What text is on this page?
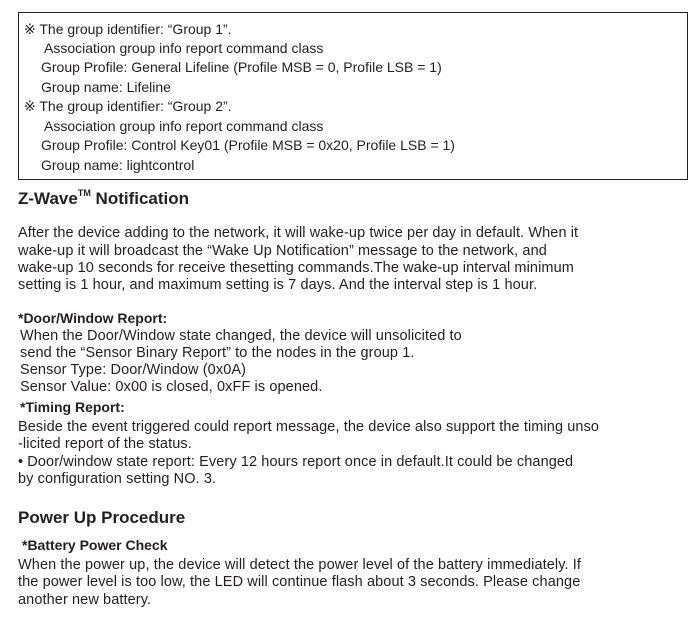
※ The group identifier: “Group 1”.
Association group info report command class
Group Profile: General Lifeline (Profile MSB = 0, Profile LSB = 1)
Group name: Lifeline
※ The group identifier: “Group 2”.
Association group info report command class
Group Profile: Control Key01 (Profile MSB = 0x20, Profile LSB = 1)
Group name: lightcontrol
Z-Wave™ Notification
After the device adding to the network, it will wake-up twice per day in default. When it
wake-up it will broadcast the “Wake Up Notification” message to the network, and
wake-up 10 seconds for receive thesetting commands.The wake-up interval minimum
setting is 1 hour, and maximum setting is 7 days. And the interval step is 1 hour.
*Door/Window Report:
When the Door/Window state changed, the device will unsolicited to
send the “Sensor Binary Report” to the nodes in the group 1.
Sensor Type: Door/Window (0x0A)
Sensor Value: 0x00 is closed, 0xFF is opened.
*Timing Report:
Beside the event triggered could report message, the device also support the timing unso
-licited report of the status.
• Door/window state report: Every 12 hours report once in default.It could be changed
by configuration setting NO. 3.
Power Up Procedure
*Battery Power Check
When the power up, the device will detect the power level of the battery immediately. If
the power level is too low, the LED will continue flash about 3 seconds. Please change
another new battery.
